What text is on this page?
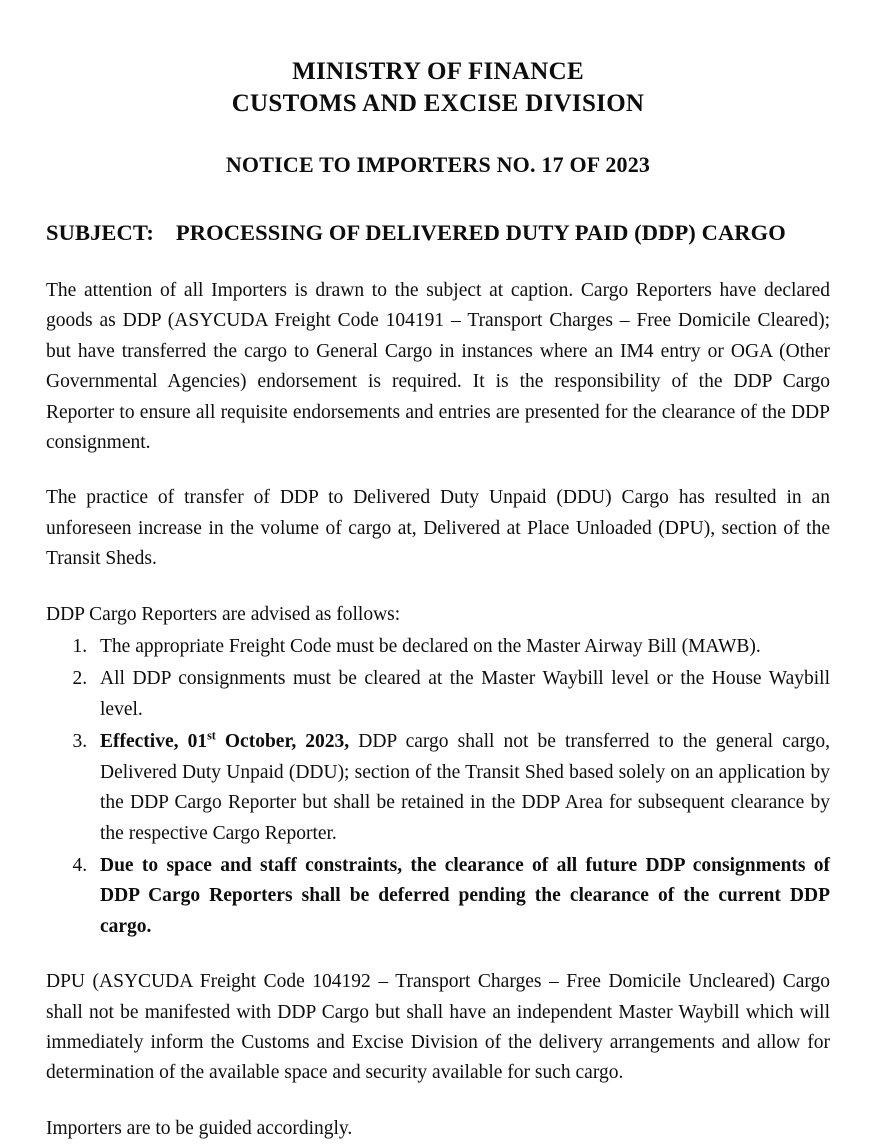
MINISTRY OF FINANCE
CUSTOMS AND EXCISE DIVISION
NOTICE TO IMPORTERS NO. 17 OF 2023
SUBJECT: PROCESSING OF DELIVERED DUTY PAID (DDP) CARGO

The attention of all Importers is drawn to the subject at caption. Cargo Reporters have declared goods as DDP (ASYCUDA Freight Code 104191 – Transport Charges – Free Domicile Cleared); but have transferred the cargo to General Cargo in instances where an IM4 entry or OGA (Other Governmental Agencies) endorsement is required. It is the responsibility of the DDP Cargo Reporter to ensure all requisite endorsements and entries are presented for the clearance of the DDP consignment.

The practice of transfer of DDP to Delivered Duty Unpaid (DDU) Cargo has resulted in an unforeseen increase in the volume of cargo at, Delivered at Place Unloaded (DPU), section of the Transit Sheds.

DDP Cargo Reporters are advised as follows:

1. The appropriate Freight Code must be declared on the Master Airway Bill (MAWB).
2. All DDP consignments must be cleared at the Master Waybill level or the House Waybill level.
3. Effective, 01st October, 2023, DDP cargo shall not be transferred to the general cargo, Delivered Duty Unpaid (DDU); section of the Transit Shed based solely on an application by the DDP Cargo Reporter but shall be retained in the DDP Area for subsequent clearance by the respective Cargo Reporter.
4. Due to space and staff constraints, the clearance of all future DDP consignments of DDP Cargo Reporters shall be deferred pending the clearance of the current DDP cargo.

DPU (ASYCUDA Freight Code 104192 – Transport Charges – Free Domicile Uncleared) Cargo shall not be manifested with DDP Cargo but shall have an independent Master Waybill which will immediately inform the Customs and Excise Division of the delivery arrangements and allow for determination of the available space and security available for such cargo.

Importers are to be guided accordingly.
